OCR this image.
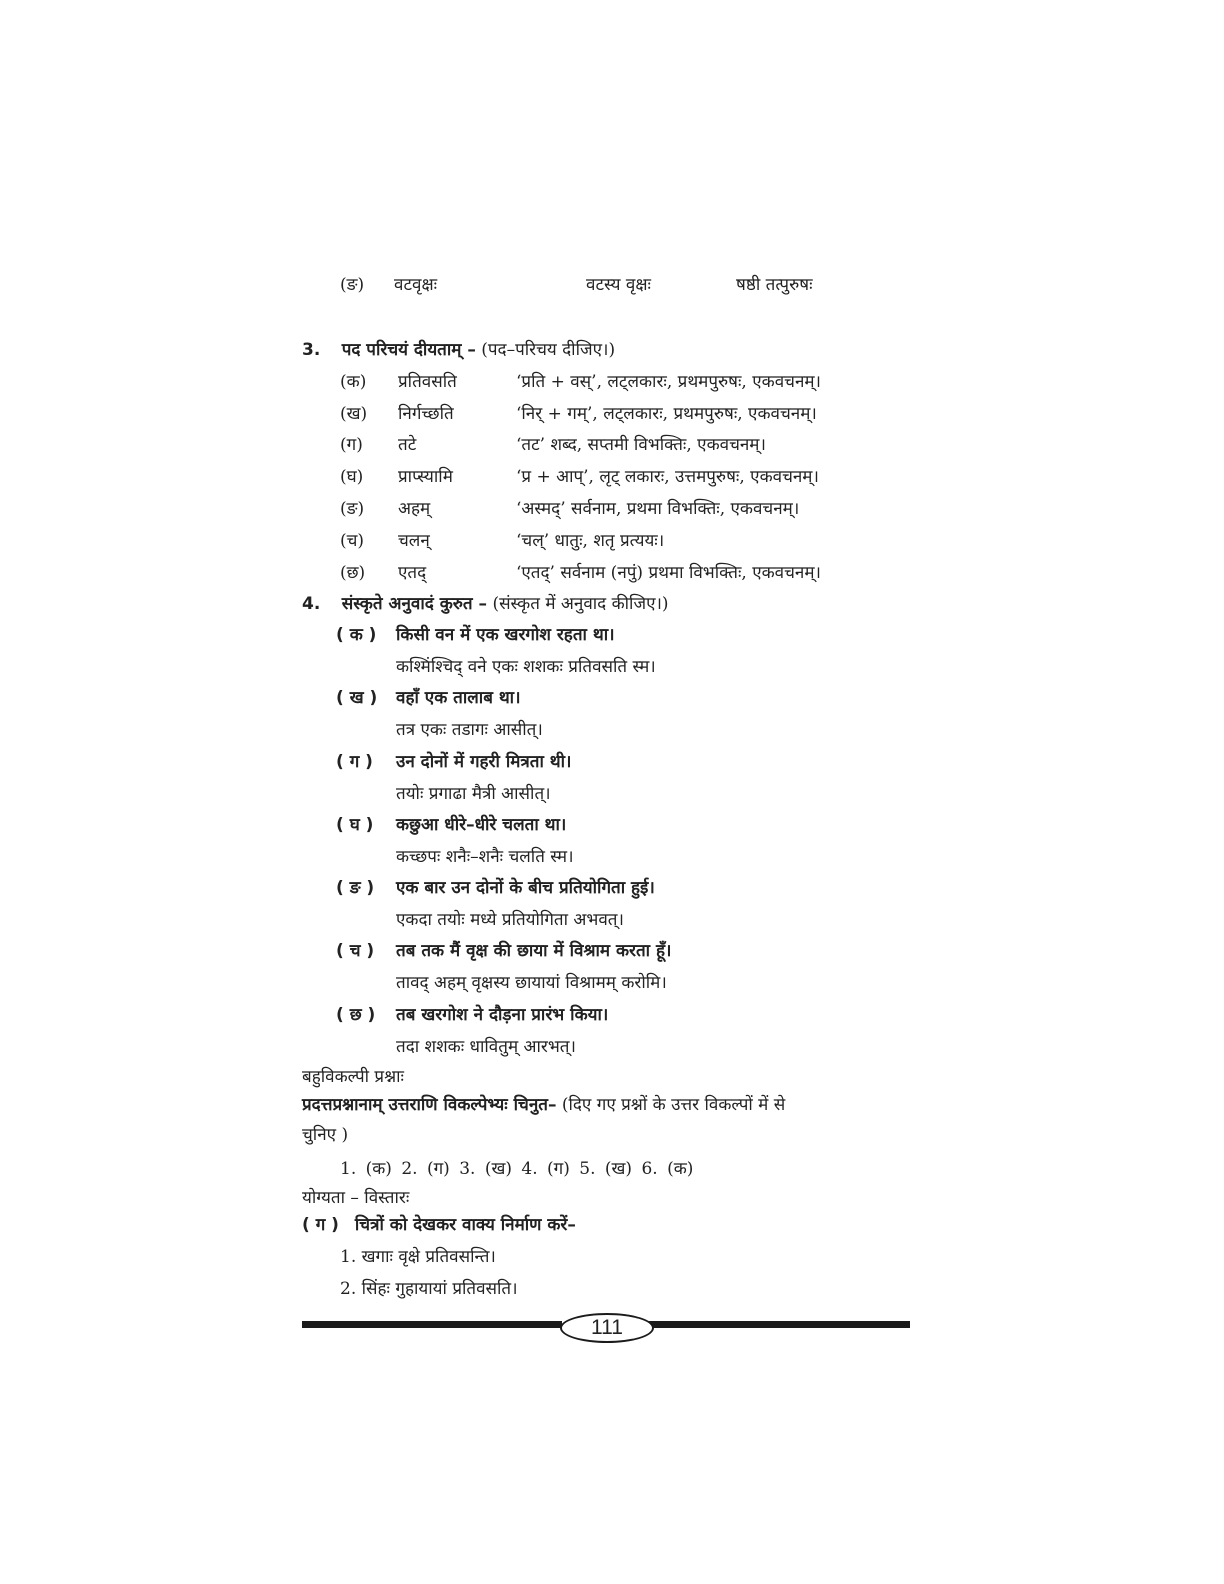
(ङ)	वटवृक्षः	वटस्य वृक्षः	षष्ठी तत्पुरुषः
3. पद परिचयं दीयताम् – (पद–परिचय दीजिए।)
(क)	प्रतिवसति	‘प्रति + वस्’, लट्लकारः, प्रथमपुरुषः, एकवचनम्।
(ख)	निर्गच्छति	‘निर् + गम्’, लट्लकारः, प्रथमपुरुषः, एकवचनम्।
(ग)	तटे	‘तट’ शब्द, सप्तमी विभक्तिः, एकवचनम्।
(घ)	प्राप्स्यामि	‘प्र + आप्’, लृट् लकारः, उत्तमपुरुषः, एकवचनम्।
(ङ)	अहम्	‘अस्मद्’ सर्वनाम, प्रथमा विभक्तिः, एकवचनम्।
(च)	चलन्	‘चल्’ धातुः, शतृ प्रत्ययः।
(छ)	एतद्	‘एतद्’ सर्वनाम (नपुं) प्रथमा विभक्तिः, एकवचनम्।
4. संस्कृते अनुवादं कुरुत – (संस्कृत में अनुवाद कीजिए।)
( क ) किसी वन में एक खरगोश रहता था।
कश्मिंश्चिद् वने एकः शशकः प्रतिवसति स्म।
( ख ) वहाँ एक तालाब था।
तत्र एकः तडागः आसीत्।
( ग ) उन दोनों में गहरी मित्रता थी।
तयोः प्रगाढा मैत्री आसीत्।
( घ ) कछुआ धीरे–धीरे चलता था।
कच्छपः शनैः–शनैः चलति स्म।
( ङ ) एक बार उन दोनों के बीच प्रतियोगिता हुई।
एकदा तयोः मध्ये प्रतियोगिता अभवत्।
( च ) तब तक मैं वृक्ष की छाया में विश्राम करता हूँ।
तावद् अहम् वृक्षस्य छायायां विश्रामम् करोमि।
( छ ) तब खरगोश ने दौड़ना प्रारंभ किया।
तदा शशकः धावितुम् आरभत्।
बहुविकल्पी प्रश्नाः
प्रदत्तप्रश्नानाम् उत्तराणि विकल्पेभ्यः चिनुत– (दिए गए प्रश्नों के उत्तर विकल्पों में से
चुनिए )
1. (क) 2. (ग) 3. (ख) 4. (ग) 5. (ख) 6. (क)
योग्यता – विस्तारः
( ग ) चित्रों को देखकर वाक्य निर्माण करें–
1. खगाः वृक्षे प्रतिवसन्ति।
2. सिंहः गुहायायां प्रतिवसति।
111
